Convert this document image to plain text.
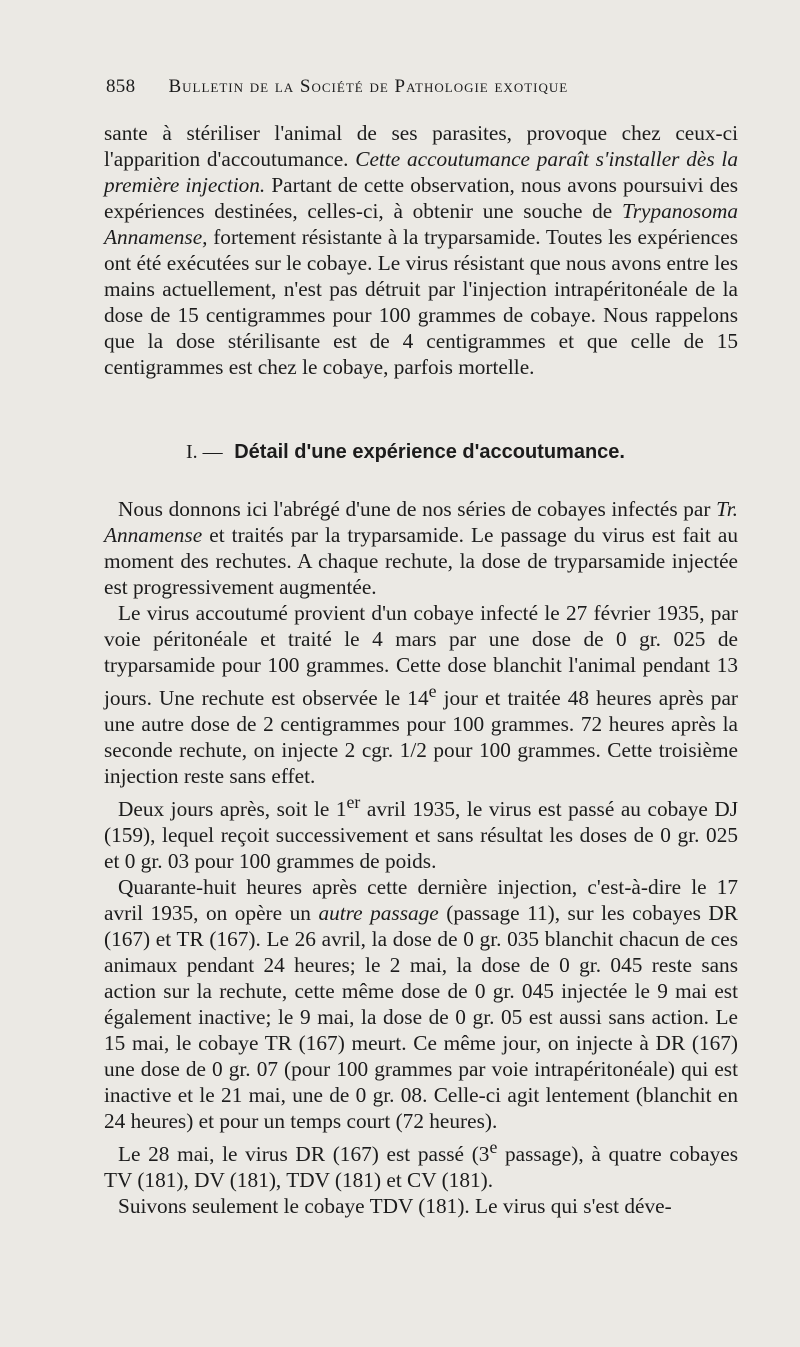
858 Bulletin de la Société de Pathologie exotique

sante à stériliser l'animal de ses parasites, provoque chez ceux-ci l'apparition d'accoutumance. Cette accoutumance paraît s'installer dès la première injection. Partant de cette observation, nous avons poursuivi des expériences destinées, celles-ci, à obtenir une souche de Trypanosoma Annamense, fortement résistante à la tryparsamide. Toutes les expériences ont été exécutées sur le cobaye. Le virus résistant que nous avons entre les mains actuellement, n'est pas détruit par l'injection intrapéritonéale de la dose de 15 centigrammes pour 100 grammes de cobaye. Nous rappelons que la dose stérilisante est de 4 centigrammes et que celle de 15 centigrammes est chez le cobaye, parfois mortelle.

I. — Détail d'une expérience d'accoutumance.

Nous donnons ici l'abrégé d'une de nos séries de cobayes infectés par Tr. Annamense et traités par la tryparsamide. Le passage du virus est fait au moment des rechutes. A chaque rechute, la dose de tryparsamide injectée est progressivement augmentée.

Le virus accoutumé provient d'un cobaye infecté le 27 février 1935, par voie péritonéale et traité le 4 mars par une dose de 0 gr. 025 de tryparsamide pour 100 grammes. Cette dose blanchit l'animal pendant 13 jours. Une rechute est observée le 14e jour et traitée 48 heures après par une autre dose de 2 centigrammes pour 100 grammes. 72 heures après la seconde rechute, on injecte 2 cgr. 1/2 pour 100 grammes. Cette troisième injection reste sans effet.

Deux jours après, soit le 1er avril 1935, le virus est passé au cobaye DJ (159), lequel reçoit successivement et sans résultat les doses de 0 gr. 025 et 0 gr. 03 pour 100 grammes de poids.

Quarante-huit heures après cette dernière injection, c'est-à-dire le 17 avril 1935, on opère un autre passage (passage 11), sur les cobayes DR (167) et TR (167). Le 26 avril, la dose de 0 gr. 035 blanchit chacun de ces animaux pendant 24 heures; le 2 mai, la dose de 0 gr. 045 reste sans action sur la rechute, cette même dose de 0 gr. 045 injectée le 9 mai est également inactive; le 9 mai, la dose de 0 gr. 05 est aussi sans action. Le 15 mai, le cobaye TR (167) meurt. Ce même jour, on injecte à DR (167) une dose de 0 gr. 07 (pour 100 grammes par voie intrapéritonéale) qui est inactive et le 21 mai, une de 0 gr. 08. Celle-ci agit lentement (blanchit en 24 heures) et pour un temps court (72 heures).

Le 28 mai, le virus DR (167) est passé (3e passage), à quatre cobayes TV (181), DV (181), TDV (181) et CV (181).

Suivons seulement le cobaye TDV (181). Le virus qui s'est déve-
